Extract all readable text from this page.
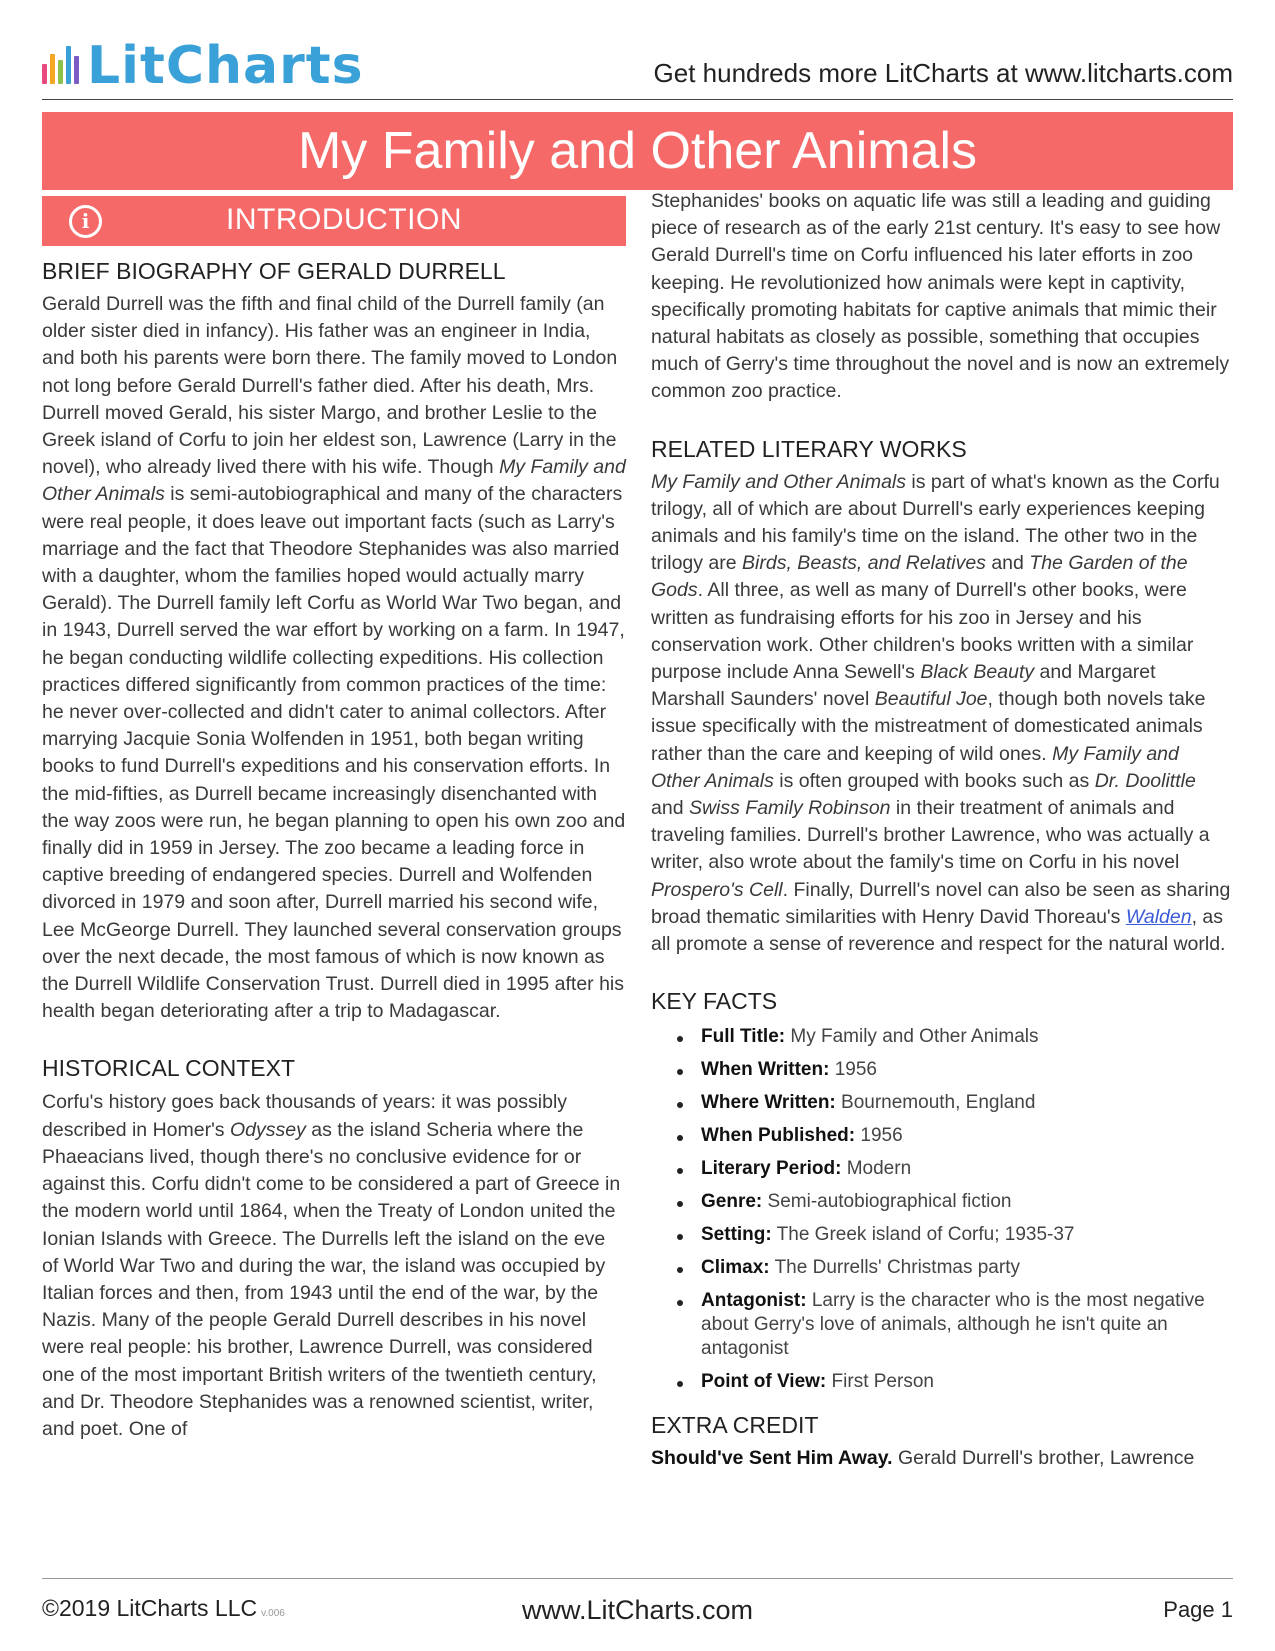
LitCharts	Get hundreds more LitCharts at www.litcharts.com
My Family and Other Animals
i	INTRODUCTION
BRIEF BIOGRAPHY OF GERALD DURRELL

Gerald Durrell was the fifth and final child of the Durrell family (an older sister died in infancy). His father was an engineer in India, and both his parents were born there. The family moved to London not long before Gerald Durrell's father died. After his death, Mrs. Durrell moved Gerald, his sister Margo, and brother Leslie to the Greek island of Corfu to join her eldest son, Lawrence (Larry in the novel), who already lived there with his wife. Though My Family and Other Animals is semi-autobiographical and many of the characters were real people, it does leave out important facts (such as Larry's marriage and the fact that Theodore Stephanides was also married with a daughter, whom the families hoped would actually marry Gerald). The Durrell family left Corfu as World War Two began, and in 1943, Durrell served the war effort by working on a farm. In 1947, he began conducting wildlife collecting expeditions. His collection practices differed significantly from common practices of the time: he never over-collected and didn't cater to animal collectors. After marrying Jacquie Sonia Wolfenden in 1951, both began writing books to fund Durrell's expeditions and his conservation efforts. In the mid-fifties, as Durrell became increasingly disenchanted with the way zoos were run, he began planning to open his own zoo and finally did in 1959 in Jersey. The zoo became a leading force in captive breeding of endangered species. Durrell and Wolfenden divorced in 1979 and soon after, Durrell married his second wife, Lee McGeorge Durrell. They launched several conservation groups over the next decade, the most famous of which is now known as the Durrell Wildlife Conservation Trust. Durrell died in 1995 after his health began deteriorating after a trip to Madagascar.

HISTORICAL CONTEXT

Corfu's history goes back thousands of years: it was possibly described in Homer's Odyssey as the island Scheria where the Phaeacians lived, though there's no conclusive evidence for or against this. Corfu didn't come to be considered a part of Greece in the modern world until 1864, when the Treaty of London united the Ionian Islands with Greece. The Durrells left the island on the eve of World War Two and during the war, the island was occupied by Italian forces and then, from 1943 until the end of the war, by the Nazis. Many of the people Gerald Durrell describes in his novel were real people: his brother, Lawrence Durrell, was considered one of the most important British writers of the twentieth century, and Dr. Theodore Stephanides was a renowned scientist, writer, and poet. One of

Stephanides' books on aquatic life was still a leading and guiding piece of research as of the early 21st century. It's easy to see how Gerald Durrell's time on Corfu influenced his later efforts in zoo keeping. He revolutionized how animals were kept in captivity, specifically promoting habitats for captive animals that mimic their natural habitats as closely as possible, something that occupies much of Gerry's time throughout the novel and is now an extremely common zoo practice.

RELATED LITERARY WORKS

My Family and Other Animals is part of what's known as the Corfu trilogy, all of which are about Durrell's early experiences keeping animals and his family's time on the island. The other two in the trilogy are Birds, Beasts, and Relatives and The Garden of the Gods. All three, as well as many of Durrell's other books, were written as fundraising efforts for his zoo in Jersey and his conservation work. Other children's books written with a similar purpose include Anna Sewell's Black Beauty and Margaret Marshall Saunders' novel Beautiful Joe, though both novels take issue specifically with the mistreatment of domesticated animals rather than the care and keeping of wild ones. My Family and Other Animals is often grouped with books such as Dr. Doolittle and Swiss Family Robinson in their treatment of animals and traveling families. Durrell's brother Lawrence, who was actually a writer, also wrote about the family's time on Corfu in his novel Prospero's Cell. Finally, Durrell's novel can also be seen as sharing broad thematic similarities with Henry David Thoreau's Walden, as all promote a sense of reverence and respect for the natural world.

KEY FACTS
Full Title: My Family and Other Animals
When Written: 1956
Where Written: Bournemouth, England
When Published: 1956
Literary Period: Modern
Genre: Semi-autobiographical fiction
Setting: The Greek island of Corfu; 1935-37
Climax: The Durrells' Christmas party
Antagonist: Larry is the character who is the most negative about Gerry's love of animals, although he isn't quite an antagonist
Point of View: First Person
EXTRA CREDIT

Should've Sent Him Away. Gerald Durrell's brother, Lawrence

©2019 LitCharts LLC v.006	www.LitCharts.com	Page 1
